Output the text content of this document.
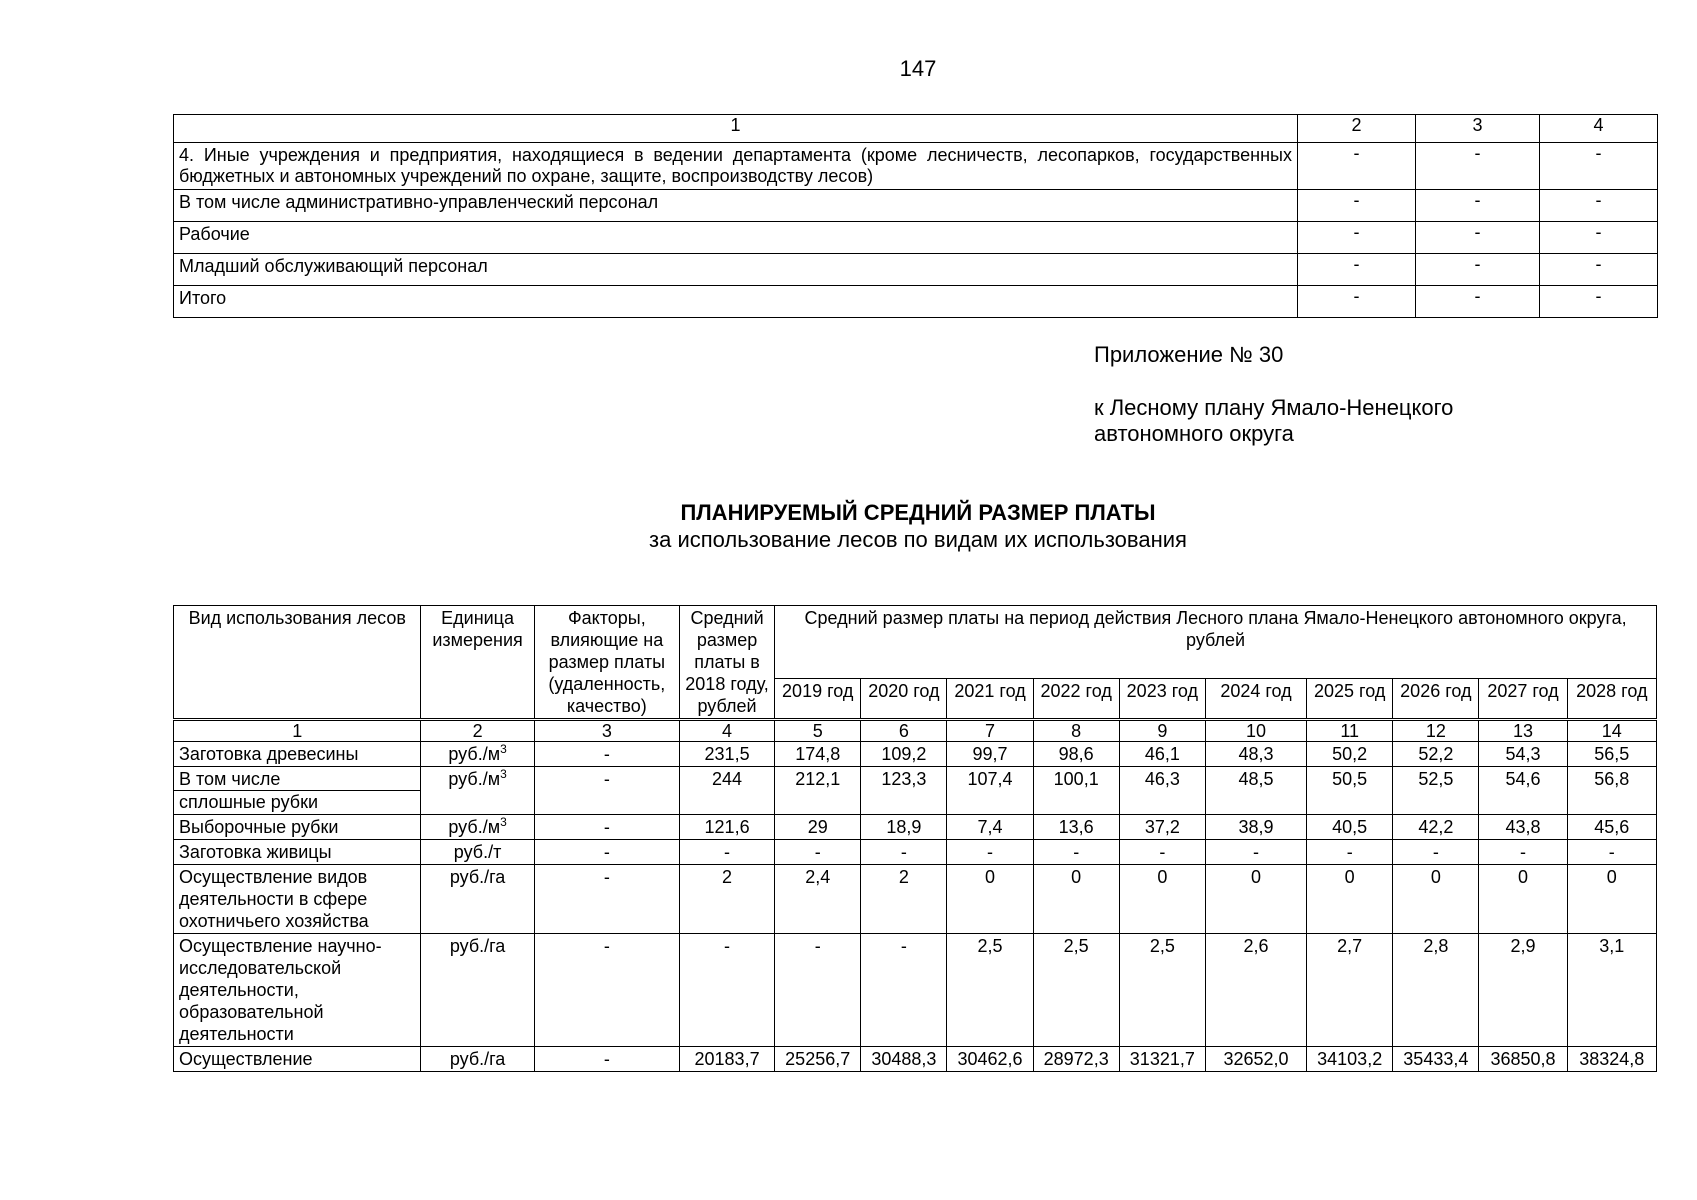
147
1	2	3	4
4. Иные учреждения и предприятия, находящиеся в ведении департамента (кроме лесничеств, лесопарков, государственных бюджетных и автономных учреждений по охране, защите, воспроизводству лесов)	-	-	-
В том числе административно-управленческий персонал	-	-	-
Рабочие	-	-	-
Младший обслуживающий персонал	-	-	-
Итого	-	-	-
Приложение № 30
к Лесному плану Ямало-Ненецкого автономного округа
ПЛАНИРУЕМЫЙ СРЕДНИЙ РАЗМЕР ПЛАТЫ
за использование лесов по видам их использования
Вид использования лесов	Единица измерения	Факторы, влияющие на размер платы (удаленность, качество)	Средний размер платы в 2018 году, рублей	Средний размер платы на период действия Лесного плана Ямало-Ненецкого автономного округа, рублей									
				2019 год	2020 год	2021 год	2022 год	2023 год	2024 год	2025 год	2026 год	2027 год	2028 год
1	2	3	4	5	6	7	8	9	10	11	12	13	14

Заготовка древесины	$руб./м^3$	-	231,5	174,8	109,2	99,7	98,6	46,1	48,3	50,2	52,2	54,3	56,5

В том числе
сплошные рубки	$руб./м^3$	-	244	212,1	123,3	107,4	100,1	46,3	48,5	50,5	52,5	54,6	56,8

Выборочные рубки	$руб./м^3$	-	121,6	29	18,9	7,4	13,6	37,2	38,9	40,5	42,2	43,8	45,6

Заготовка живицы	руб./т	-	-	-	-	-	-	-	-	-	-	-	-

Осуществление видов деятельности в сфере охотничьего хозяйства	руб./га	-	2	2,4	2	0	0	0	0	0	0	0	0

Осуществление научно-исследовательской деятельности, образовательной деятельности	руб./га	-	-	-	-	2,5	2,5	2,5	2,6	2,7	2,8	2,9	3,1

Осуществление	руб./га	-	20183,7	25256,7	30488,3	30462,6	28972,3	31321,7	32652,0	34103,2	35433,4	36850,8	38324,8
